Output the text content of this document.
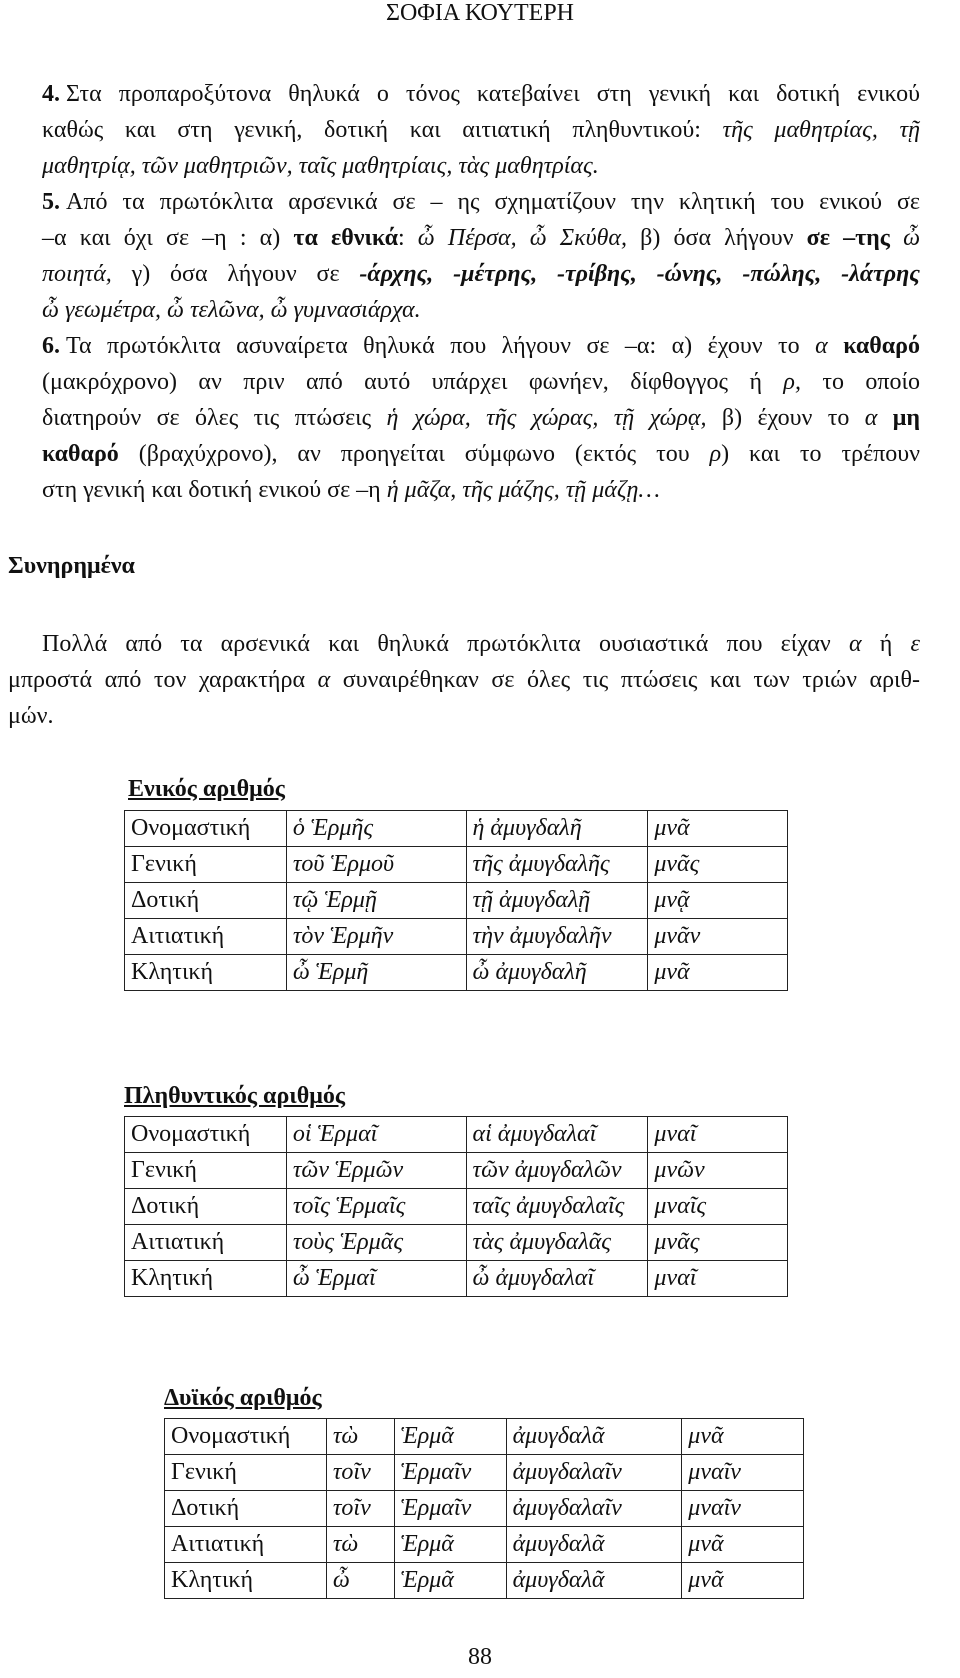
ΣΟΦΙΑ ΚΟΥΤΕΡΗ
4. Στα προπαροξύτονα θηλυκά ο τόνος κατεβαίνει στη γενική και δοτική ενικού
καθώς και στη γενική, δοτική και αιτιατική πληθυντικού: τῆς μαθητρίας, τῇ
μαθητρίᾳ, τῶν μαθητριῶν, ταῖς μαθητρίαις, τὰς μαθητρίας.
5. Από τα πρωτόκλιτα αρσενικά σε – ης σχηματίζουν την κλητική του ενικού σε
–α και όχι σε –η : α) τα εθνικά: ὦ Πέρσα, ὦ Σκύθα, β) όσα λήγουν σε –της ὦ
ποιητά, γ) όσα λήγουν σε -άρχης, -μέτρης, -τρίβης, -ώνης, -πώλης, -λάτρης
ὦ γεωμέτρα, ὦ τελῶνα, ὦ γυμνασιάρχα.
6. Τα πρωτόκλιτα ασυναίρετα θηλυκά που λήγουν σε –α: α) έχουν το α καθαρό
(μακρόχρονο) αν πριν από αυτό υπάρχει φωνήεν, δίφθογγος ή ρ, το οποίο
διατηρούν σε όλες τις πτώσεις ἡ χώρα, τῆς χώρας, τῇ χώρᾳ, β) έχουν το α μη
καθαρό (βραχύχρονο), αν προηγείται σύμφωνο (εκτός του ρ) και το τρέπουν
στη γενική και δοτική ενικού σε –η ἡ μᾶζα, τῆς μάζης, τῇ μάζῃ…
Συνηρημένα
Πολλά από τα αρσενικά και θηλυκά πρωτόκλιτα ουσιαστικά που είχαν α ή ε
μπροστά από τον χαρακτήρα α συναιρέθηκαν σε όλες τις πτώσεις και των τριών αριθ-
μών.
Ενικός αριθμός
Ονομαστική	ὁ Ἑρμῆς	ἡ ἀμυγδαλῆ	μνᾶ
Γενική	τοῦ Ἑρμοῦ	τῆς ἀμυγδαλῆς	μνᾶς
Δοτική	τῷ Ἑρμῇ	τῇ ἀμυγδαλῇ	μνᾷ
Αιτιατική	τὸν Ἑρμῆν	τὴν ἀμυγδαλῆν	μνᾶν
Κλητική	ὦ Ἑρμῆ	ὦ ἀμυγδαλῆ	μνᾶ
Πληθυντικός αριθμός
Ονομαστική	οἱ Ἑρμαῖ	αἱ ἀμυγδαλαῖ	μναῖ
Γενική	τῶν Ἑρμῶν	τῶν ἀμυγδαλῶν	μνῶν
Δοτική	τοῖς Ἑρμαῖς	ταῖς ἀμυγδαλαῖς	μναῖς
Αιτιατική	τοὺς Ἑρμᾶς	τὰς ἀμυγδαλᾶς	μνᾶς
Κλητική	ὦ Ἑρμαῖ	ὦ ἀμυγδαλαῖ	μναῖ
Δυϊκός αριθμός
Ονομαστική	τὼ	Ἑρμᾶ	ἀμυγδαλᾶ	μνᾶ
Γενική	τοῖν	Ἑρμαῖν	ἀμυγδαλαῖν	μναῖν
Δοτική	τοῖν	Ἑρμαῖν	ἀμυγδαλαῖν	μναῖν
Αιτιατική	τὼ	Ἑρμᾶ	ἀμυγδαλᾶ	μνᾶ
Κλητική	ὦ	Ἑρμᾶ	ἀμυγδαλᾶ	μνᾶ
88
